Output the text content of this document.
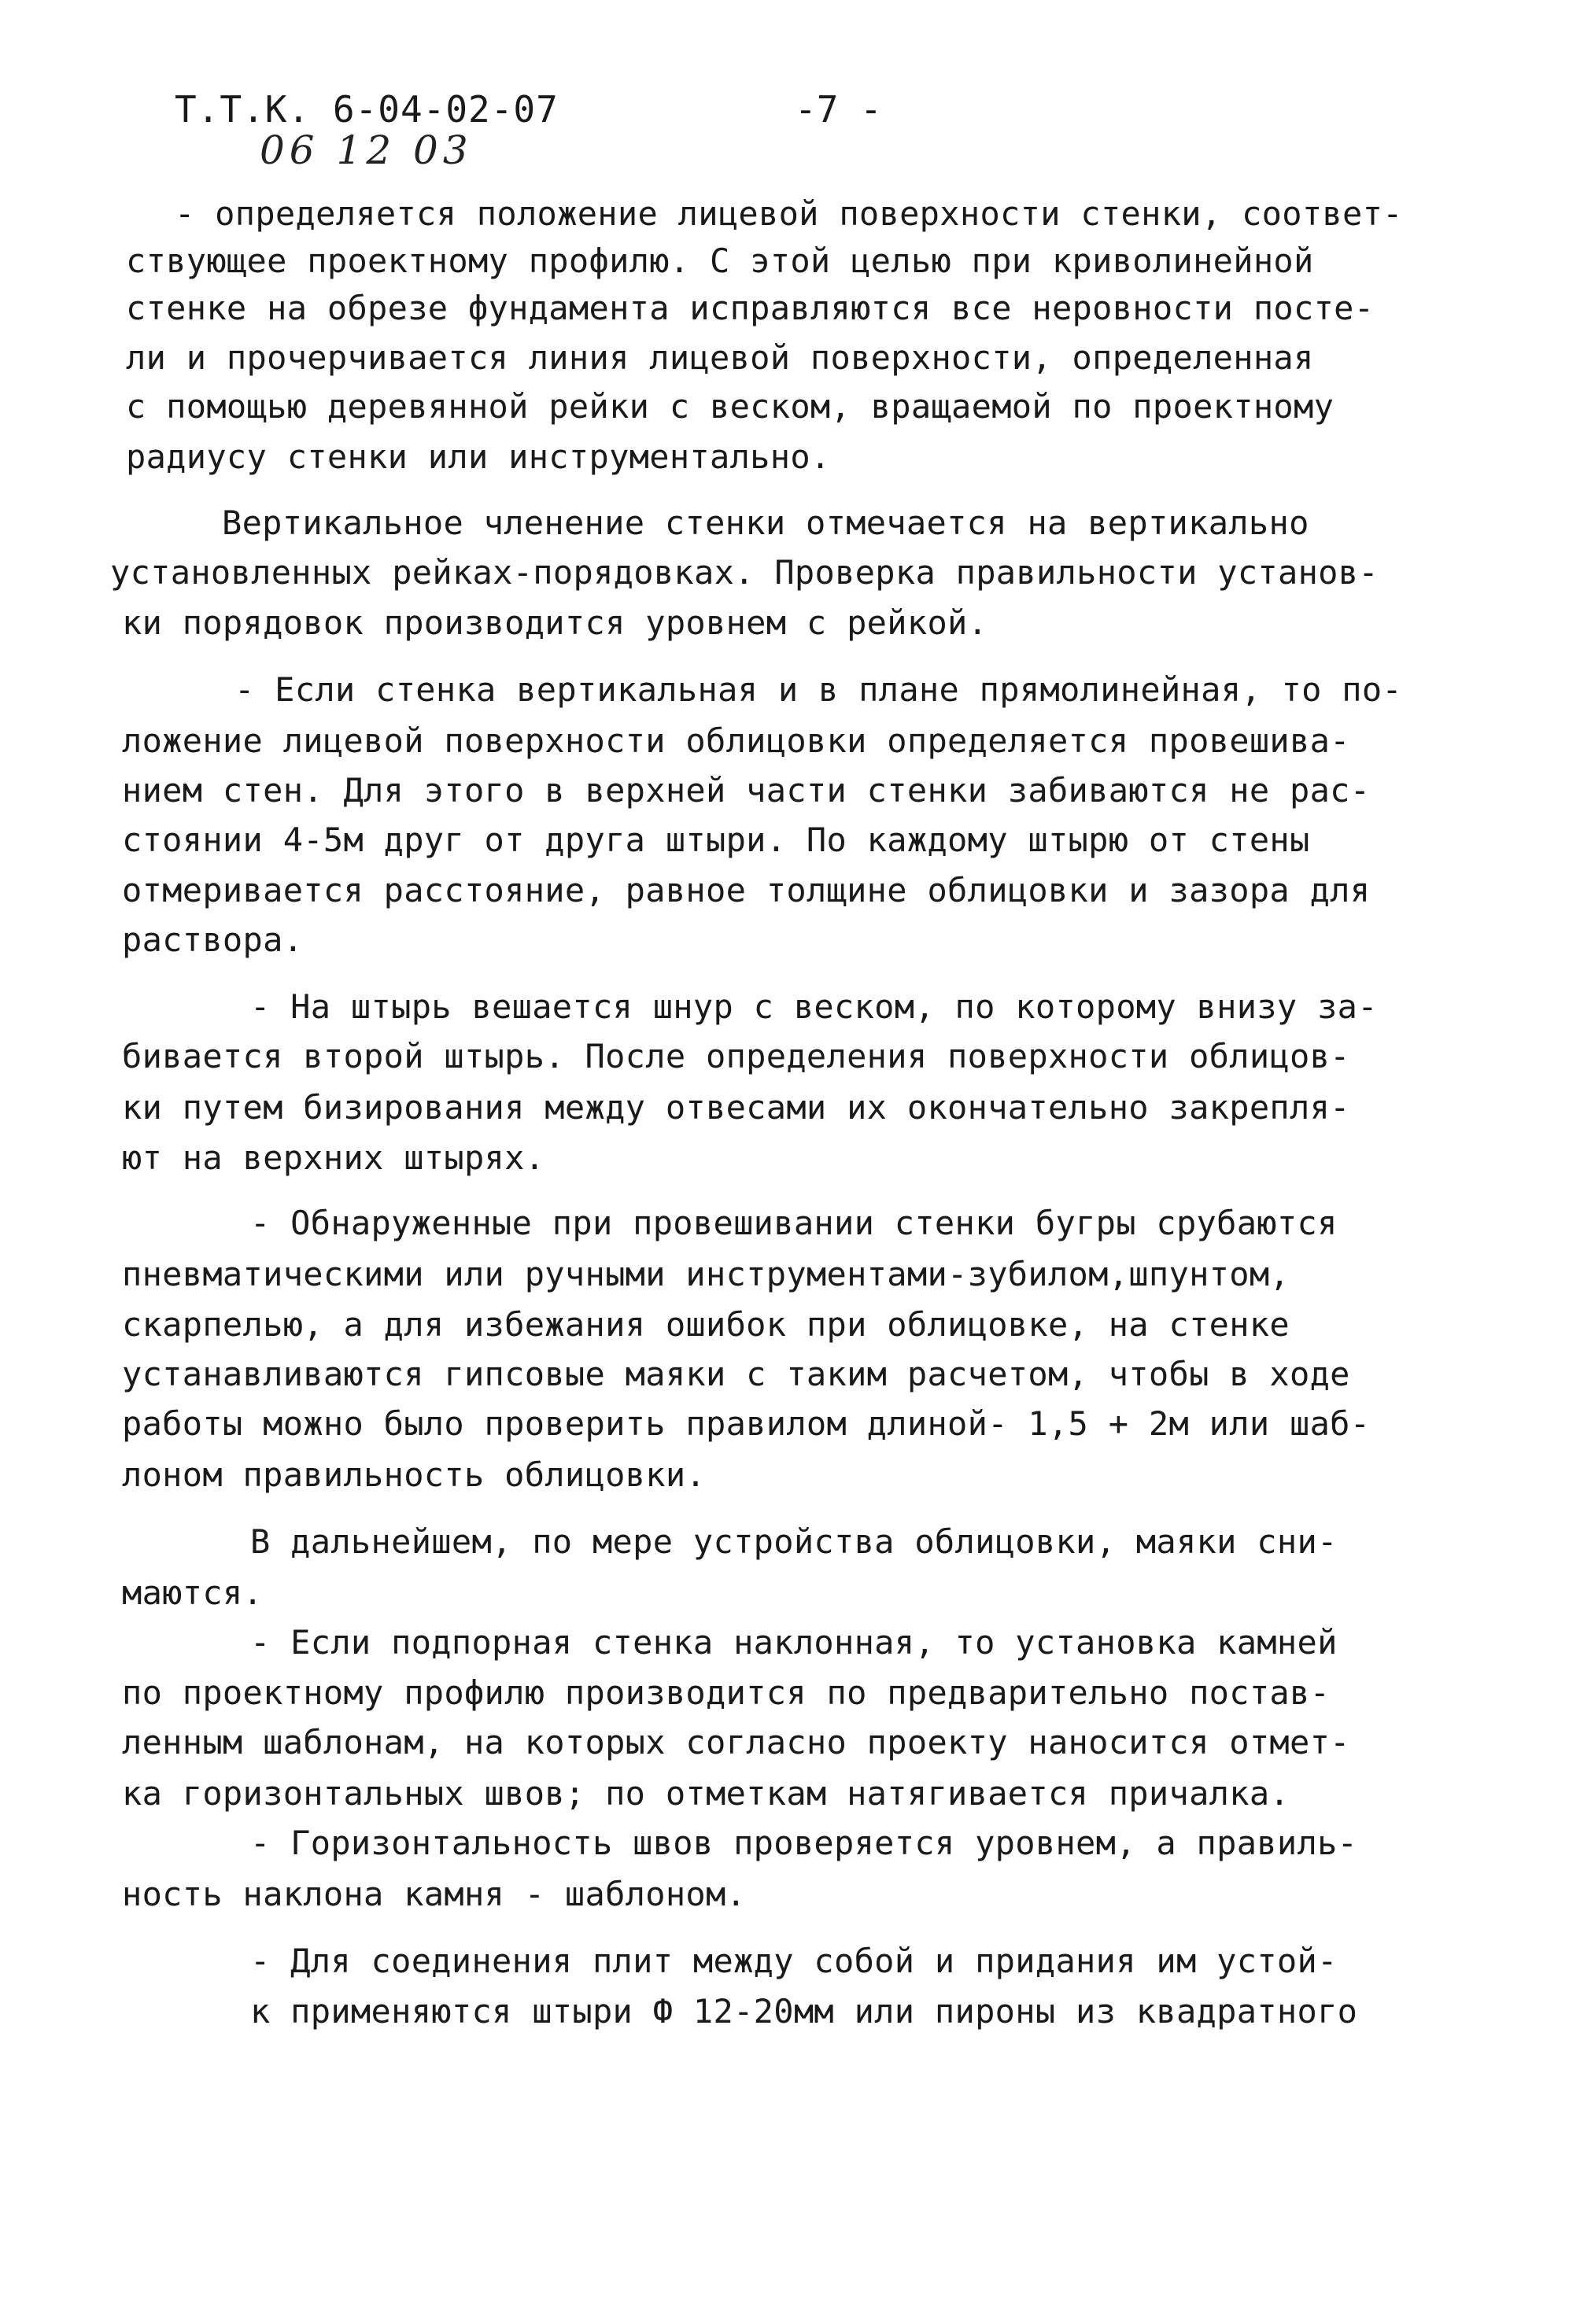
Т.Т.К. 6-04-02-07	-7 -
06 12 03
- определяется положение лицевой поверхности стенки, соответ-
ствующее проектному профилю. С этой целью при криволинейной
стенке на обрезе фундамента исправляются все неровности посте-
ли и прочерчивается линия лицевой поверхности, определенная
с помощью деревянной рейки с веском, вращаемой по проектному
радиусу стенки или инструментально.
Вертикальное членение стенки отмечается на вертикально
установленных рейках-порядовках. Проверка правильности установ-
ки порядовок производится уровнем с рейкой.
- Если стенка вертикальная и в плане прямолинейная, то по-
ложение лицевой поверхности облицовки определяется провешива-
нием стен. Для этого в верхней части стенки забиваются не рас-
стоянии 4-5м друг от друга штыри. По каждому штырю от стены
отмеривается расстояние, равное толщине облицовки и зазора для
раствора.
- На штырь вешается шнур с веском, по которому внизу за-
бивается второй штырь. После определения поверхности облицов-
ки путем бизирования между отвесами их окончательно закрепля-
ют на верхних штырях.
- Обнаруженные при провешивании стенки бугры срубаются
пневматическими или ручными инструментами-зубилом,шпунтом,
скарпелью, а для избежания ошибок при облицовке, на стенке
устанавливаются гипсовые маяки с таким расчетом, чтобы в ходе
работы можно было проверить правилом длиной- 1,5 + 2м или шаб-
лоном правильность облицовки.
В дальнейшем, по мере устройства облицовки, маяки сни-
маются.
- Если подпорная стенка наклонная, то установка камней
по проектному профилю производится по предварительно постав-
ленным шаблонам, на которых согласно проекту наносится отмет-
ка горизонтальных швов; по отметкам натягивается причалка.
- Горизонтальность швов проверяется уровнем, а правиль-
ность наклона камня - шаблоном.
- Для соединения плит между собой и придания им устой-
к применяются штыри Ф 12-20мм или пироны из квадратного
